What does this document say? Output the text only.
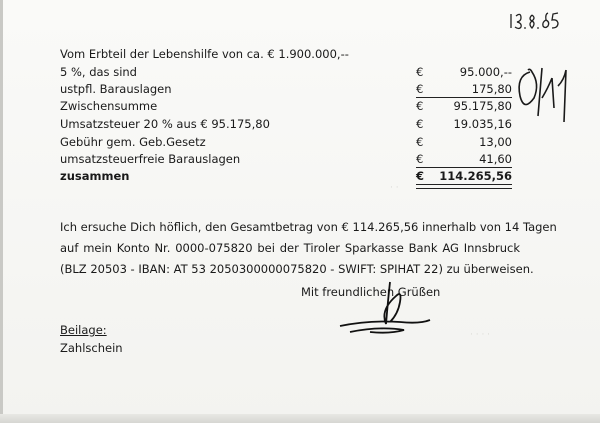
· ·
· · · ·
Vom Erbteil der Lebenshilfe von ca. € 1.900.000,--
5 %, das sind	€	95.000,--
ustpfl. Barauslagen	€	175,80
Zwischensumme	€	95.175,80
Umsatzsteuer 20 % aus € 95.175,80	€	19.035,16
Gebühr gem. Geb.Gesetz	€	13,00
umsatzsteuerfreie Barauslagen	€	41,60
zusammen	€ 114.265,56
Ich ersuche Dich höflich, den Gesamtbetrag von € 114.265,56 innerhalb von 14 Tagen
auf mein Konto Nr. 0000-075820 bei der Tiroler Sparkasse Bank AG Innsbruck
(BLZ 20503 - IBAN: AT 53 2050300000075820 - SWIFT: SPIHAT 22) zu überweisen.
Mit freundlichen Grüßen
Beilage:
Zahlschein
